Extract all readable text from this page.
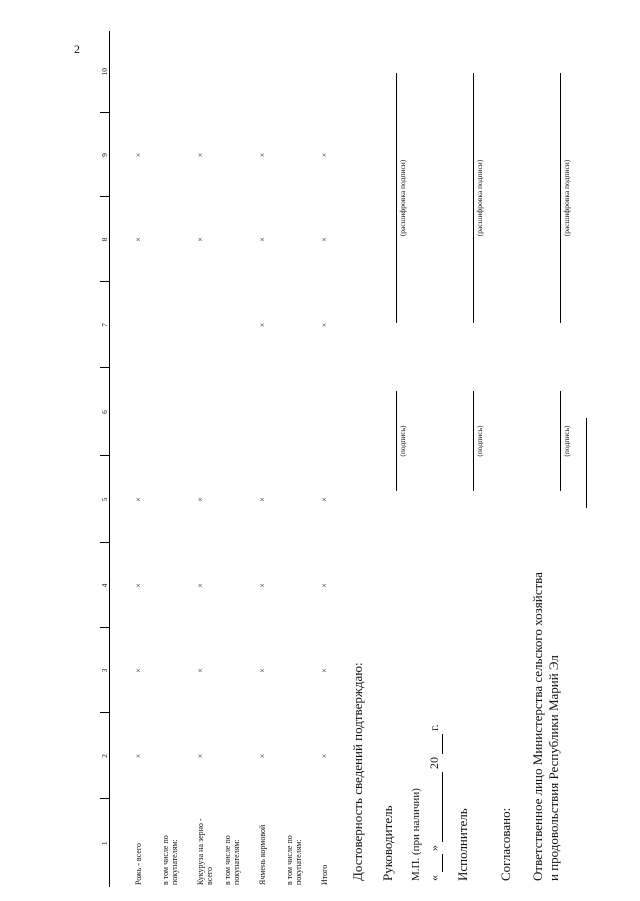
2
1	2	3	4	5	6	7	8	9	10

Рожь - всего	×	×	×	×			×	×	
в том числе по покупателям:									
Кукуруза на зерно - всего	×	×	×	×			×	×	
в том числе по покупателям:									
Ячмень кормовой	×	×	×	×		×	×	×	
в том числе по покупателям:									
Итого	×	×	×	×		×	×	×	
Достоверность сведений подтверждаю: Руководитель
(подпись)
(расшифровка подписи)
М.П. (при наличии) «   »   20   г.
Исполнитель
(подпись)
(расшифровка подписи)
Согласовано: Ответственное лицо Министерства сельского хозяйства и продовольствия Республики Марий Эл
(подпись)
(расшифровка подписи)
